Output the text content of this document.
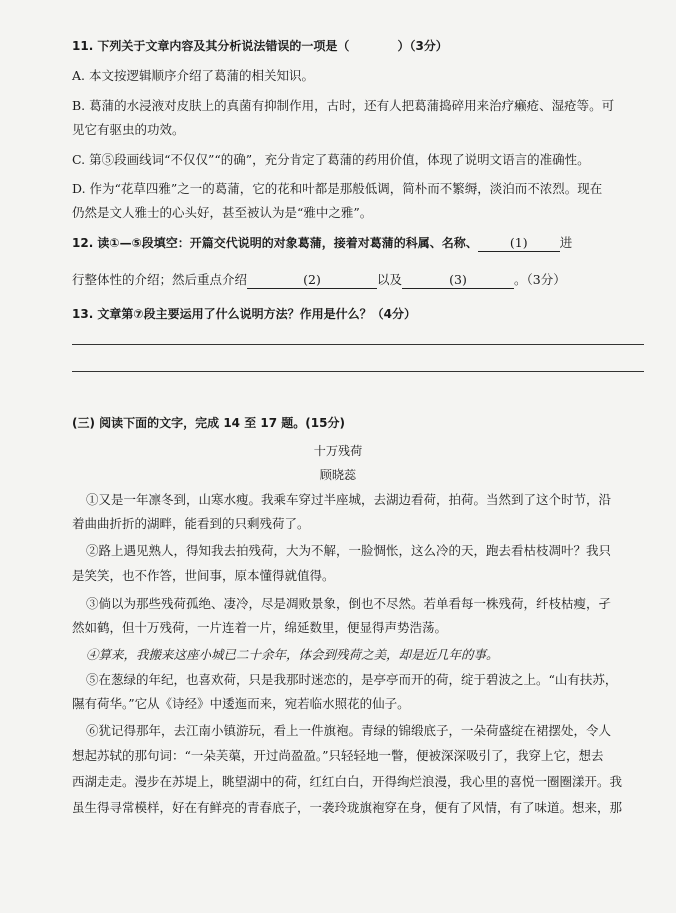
11. 下列关于文章内容及其分析说法错误的一项是（　　　　）（3分）
A. 本文按逻辑顺序介绍了葛蒲的相关知识。
B. 葛蒲的水浸液对皮肤上的真菌有抑制作用，古时，还有人把葛蒲捣碎用来治疗癞疮、湿疮等。可
见它有驱虫的功效。
C. 第⑤段画线词“不仅仅”“的确”，充分肯定了葛蒲的药用价值，体现了说明文语言的准确性。
D. 作为“花草四雅”之一的葛蒲，它的花和叶都是那般低调，简朴而不繁缛，淡泊而不浓烈。现在
仍然是文人雅士的心头好，甚至被认为是“雅中之雅”。
12. 读①—⑤段填空：开篇交代说明的对象葛蒲，接着对葛蒲的科属、名称、	(1)	进
行整体性的介绍；然后重点介绍	(2)	以及	(3)	。（3分）
13. 文章第⑦段主要运用了什么说明方法？作用是什么？（4分）
(三) 阅读下面的文字，完成 14 至 17 题。(15分)
十万残荷
顾晓蕊
①又是一年凛冬到，山寒水瘦。我乘车穿过半座城，去湖边看荷，拍荷。当然到了这个时节，沿
着曲曲折折的湖畔，能看到的只剩残荷了。
②路上遇见熟人，得知我去拍残荷，大为不解，一脸惆怅，这么冷的天，跑去看枯枝凋叶？我只
是笑笑，也不作答，世间事，原本懂得就值得。
③倘以为那些残荷孤绝、凄冷，尽是凋败景象，倒也不尽然。若单看每一株残荷，纤枝枯瘦，孑
然如鹤，但十万残荷，一片连着一片，绵延数里，便显得声势浩荡。
④算来，我搬来这座小城已二十余年，体会到残荷之美，却是近几年的事。
⑤在葱绿的年纪，也喜欢荷，只是我那时迷恋的，是亭亭而开的荷，绽于碧波之上。“山有扶苏，
隰有荷华。”它从《诗经》中逶迤而来，宛若临水照花的仙子。
⑥犹记得那年，去江南小镇游玩，看上一件旗袍。青绿的锦缎底子，一朵荷盛绽在裙摆处，令人
想起苏轼的那句词：“一朵芙蕖，开过尚盈盈。”只轻轻地一瞥，便被深深吸引了，我穿上它，想去
西湖走走。漫步在苏堤上，眺望湖中的荷，红红白白，开得绚烂浪漫，我心里的喜悦一圈圈漾开。我
虽生得寻常模样，好在有鲜亮的青春底子，一袭玲珑旗袍穿在身，便有了风情，有了味道。想来，那
